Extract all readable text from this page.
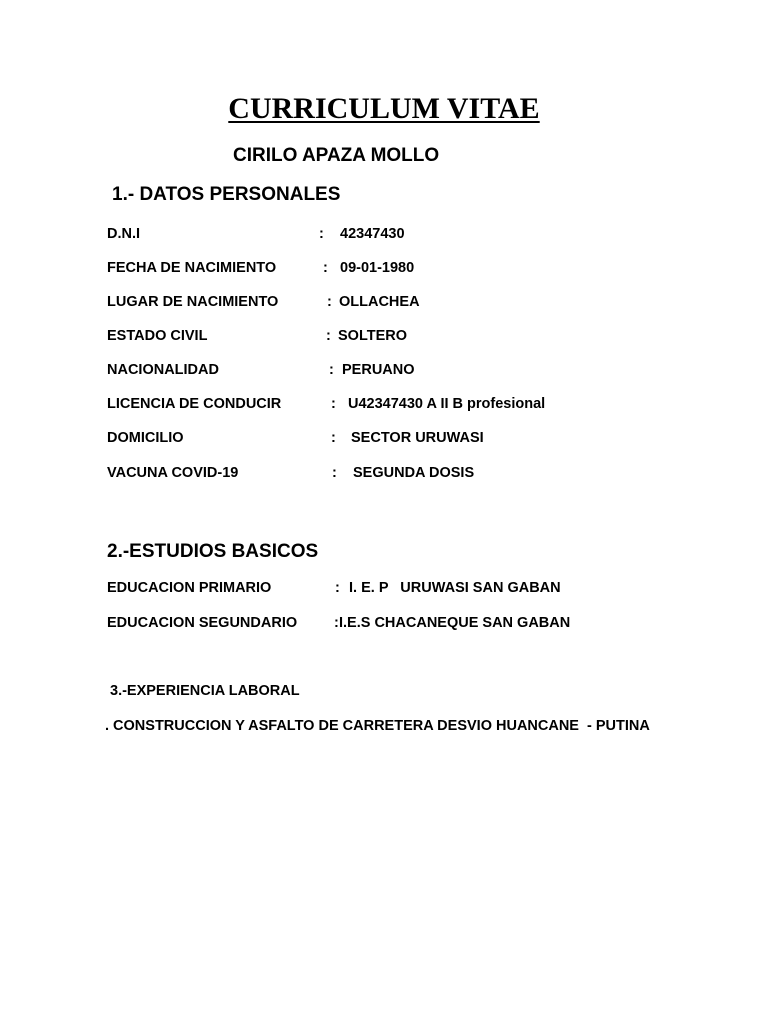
CURRICULUM VITAE
CIRILO APAZA MOLLO
1.- DATOS PERSONALES
D.N.I	: 42347430
FECHA DE NACIMIENTO	: 09-01-1980
LUGAR DE NACIMIENTO	: OLLACHEA
ESTADO CIVIL	: SOLTERO
NACIONALIDAD	: PERUANO
LICENCIA DE CONDUCIR	: U42347430 A II B profesional
DOMICILIO	: SECTOR URUWASI
VACUNA COVID-19	: SEGUNDA DOSIS
2.-ESTUDIOS BASICOS
EDUCACION PRIMARIO	: I. E. P   URUWASI SAN GABAN
EDUCACION SEGUNDARIO	: I.E.S CHACANEQUE SAN GABAN
3.-EXPERIENCIA LABORAL
. CONSTRUCCION Y ASFALTO DE CARRETERA DESVIO HUANCANE  - PUTINA
